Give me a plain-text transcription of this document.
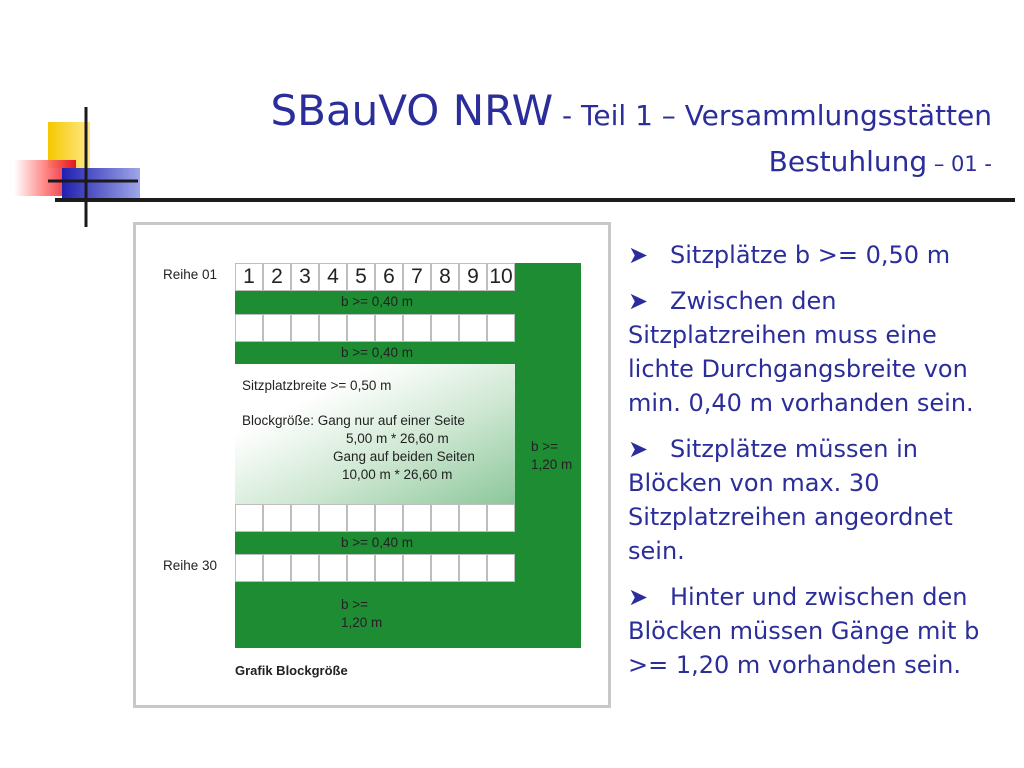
SBauVO NRW - Teil 1 – Versammlungsstätten
Bestuhlung – 01 -
Reihe 01	1 2 3 4 5 6 7 8 9 10
b >=
1,20 m
b >= 0,40 m
b >= 0,40 m
Sitzplatzbreite >= 0,50 m
Blockgröße: Gang nur auf einer Seite
5,00 m * 26,60 m
Gang auf beiden Seiten
10,00 m * 26,60 m
b >= 0,40 m
Reihe 30
b >=
1,20 m
Grafik Blockgröße
➤ Sitzplätze b >= 0,50 m
➤ Zwischen den Sitzplatzreihen muss eine lichte Durchgangsbreite von min. 0,40 m vorhanden sein.
➤ Sitzplätze müssen in Blöcken von max. 30 Sitzplatzreihen angeordnet sein.
➤ Hinter und zwischen den Blöcken müssen Gänge mit b >= 1,20 m vorhanden sein.
